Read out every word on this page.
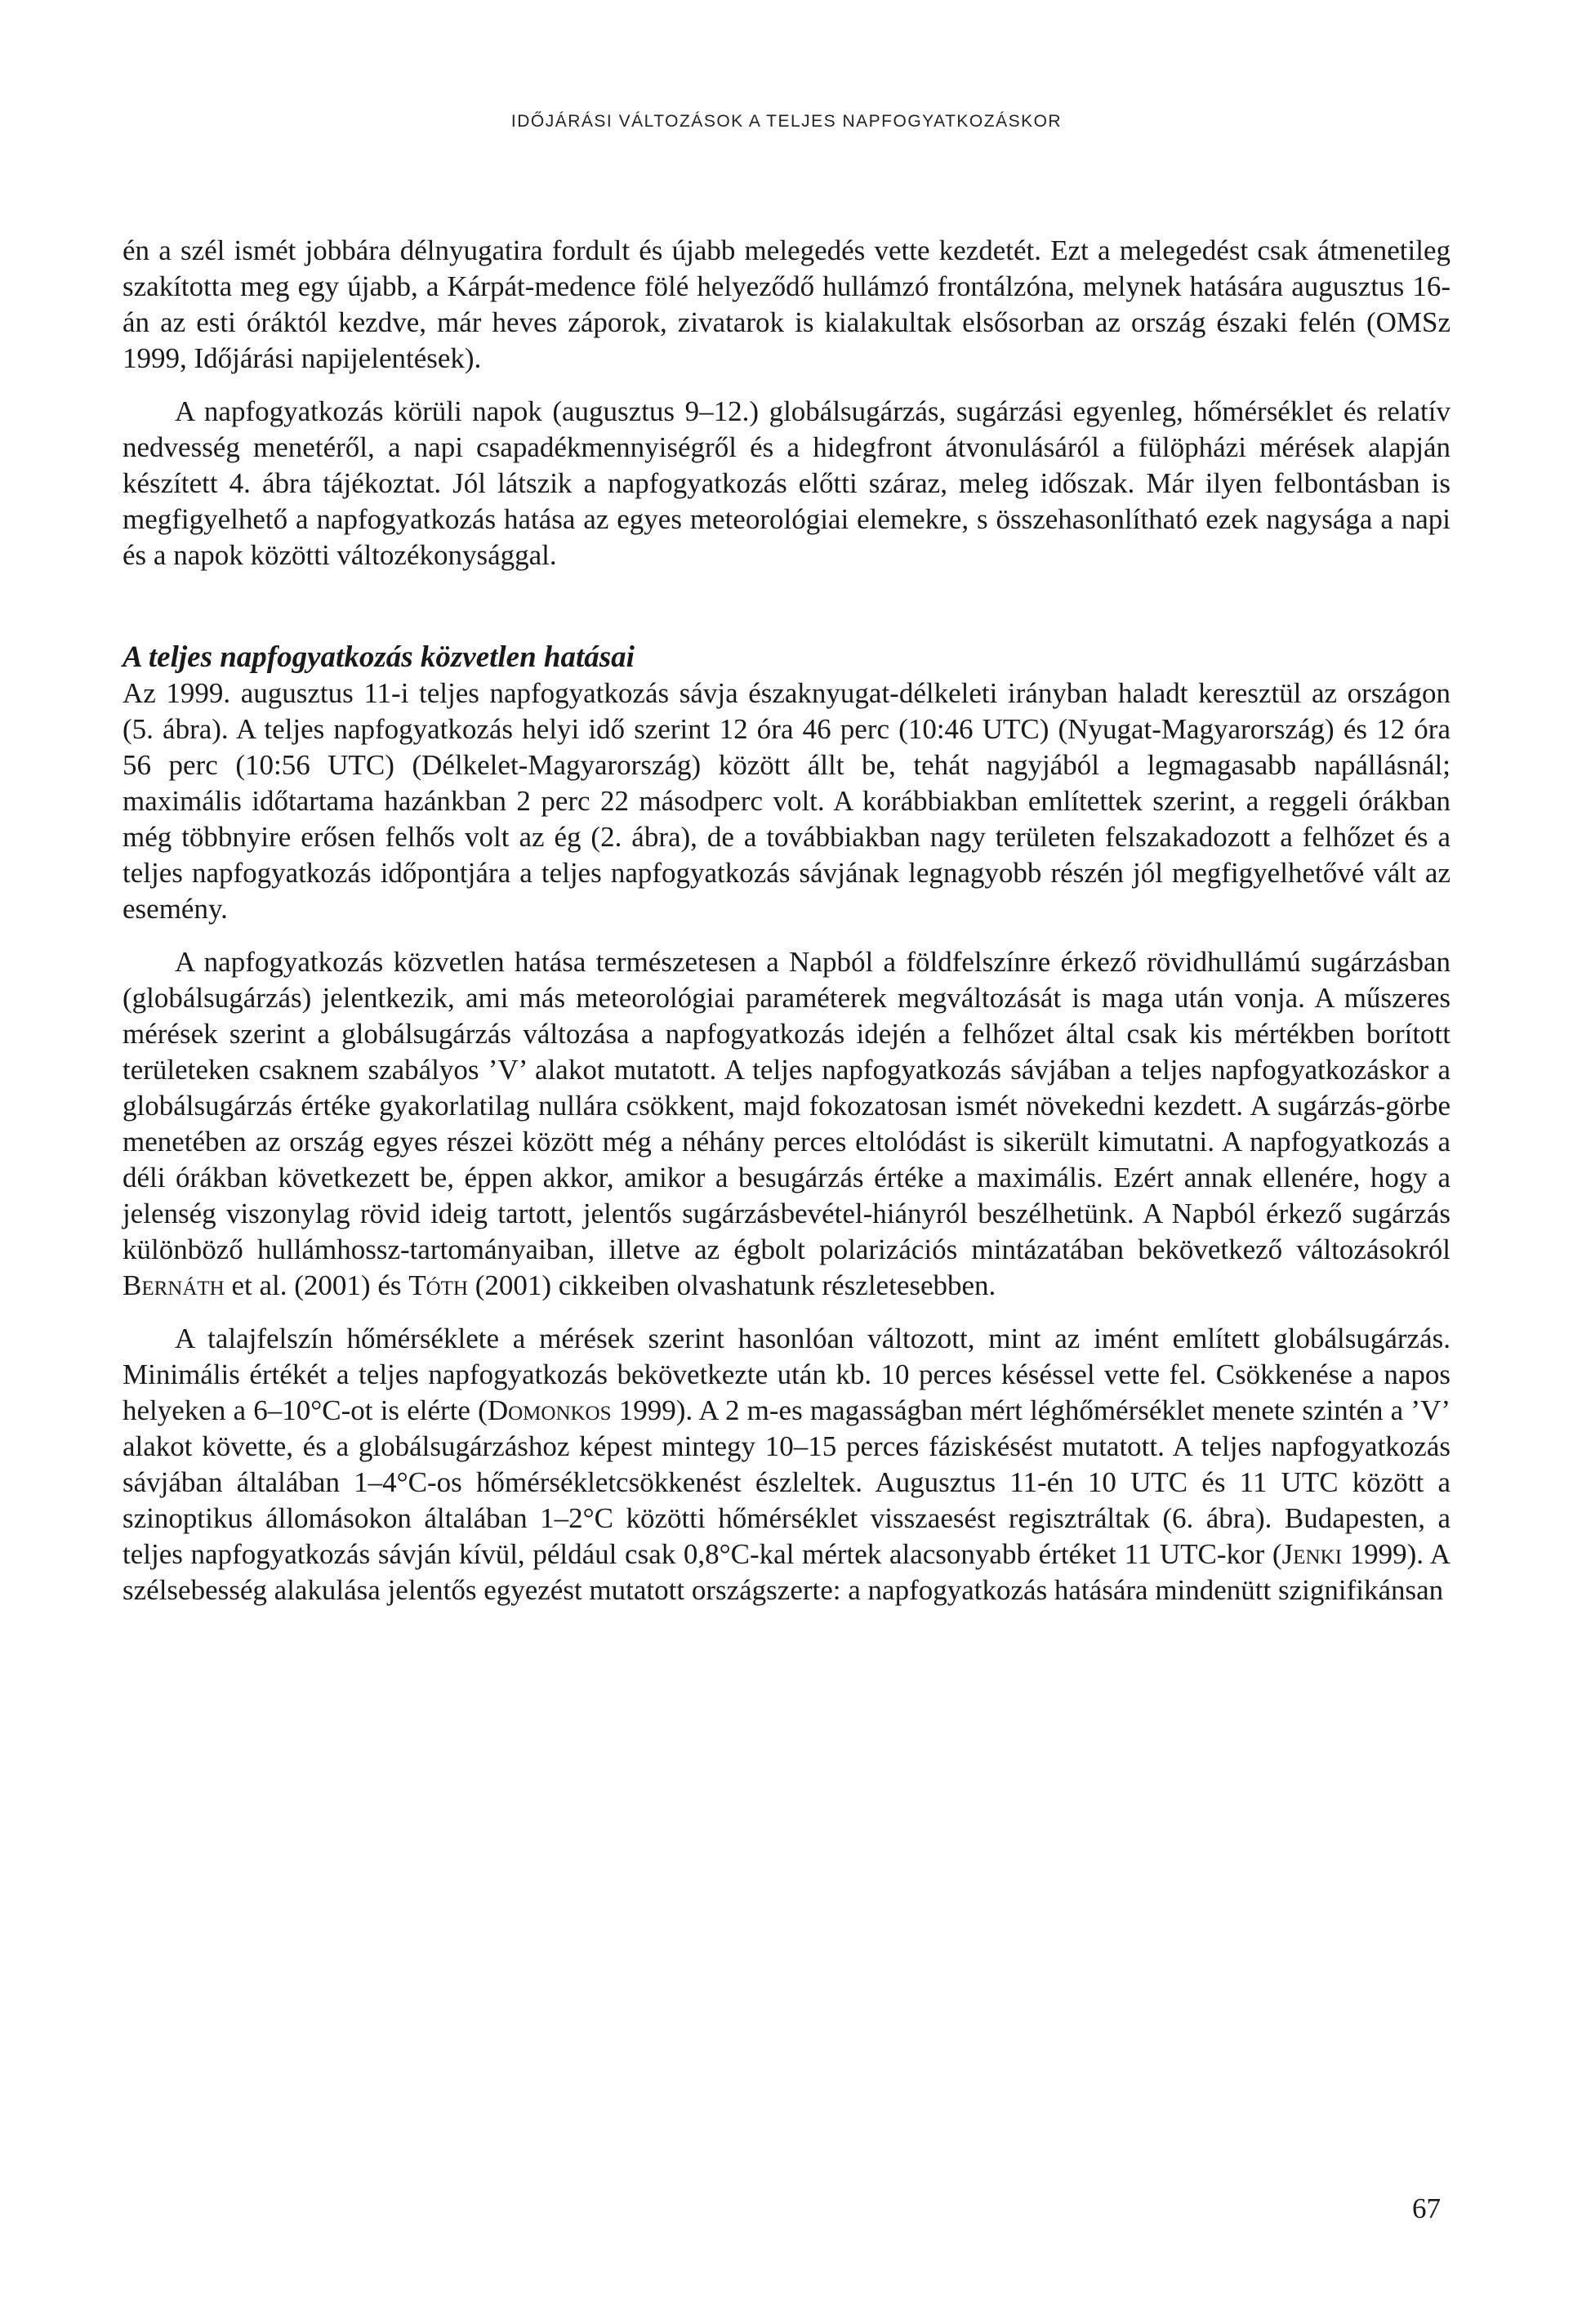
IDŐJÁRÁSI VÁLTOZÁSOK A TELJES NAPFOGYATKOZÁSKOR

én a szél ismét jobbára délnyugatira fordult és újabb melegedés vette kezdetét. Ezt a melegedést csak átmenetileg szakította meg egy újabb, a Kárpát-medence fölé helyeződő hullámzó frontálzóna, melynek hatására augusztus 16-án az esti óráktól kezdve, már heves záporok, zivatarok is kialakultak elsősorban az ország északi felén (OMSz 1999, Időjárási napijelentések).

A napfogyatkozás körüli napok (augusztus 9–12.) globálsugárzás, sugárzási egyenleg, hőmérséklet és relatív nedvesség menetéről, a napi csapadékmennyiségről és a hidegfront átvonulásáról a fülöpházi mérések alapján készített 4. ábra tájékoztat. Jól látszik a napfogyatkozás előtti száraz, meleg időszak. Már ilyen felbontásban is megfigyelhető a napfogyatkozás hatása az egyes meteorológiai elemekre, s összehasonlítható ezek nagysága a napi és a napok közötti változékonysággal.

A teljes napfogyatkozás közvetlen hatásai

Az 1999. augusztus 11-i teljes napfogyatkozás sávja északnyugat-délkeleti irányban haladt keresztül az országon (5. ábra). A teljes napfogyatkozás helyi idő szerint 12 óra 46 perc (10:46 UTC) (Nyugat-Magyarország) és 12 óra 56 perc (10:56 UTC) (Délkelet-Magyarország) között állt be, tehát nagyjából a legmagasabb napállásnál; maximális időtartama hazánkban 2 perc 22 másodperc volt. A korábbiakban említettek szerint, a reggeli órákban még többnyire erősen felhős volt az ég (2. ábra), de a továbbiakban nagy területen felszakadozott a felhőzet és a teljes napfogyatkozás időpontjára a teljes napfogyatkozás sávjának legnagyobb részén jól megfigyelhetővé vált az esemény.

A napfogyatkozás közvetlen hatása természetesen a Napból a földfelszínre érkező rövidhullámú sugárzásban (globálsugárzás) jelentkezik, ami más meteorológiai paraméterek megváltozását is maga után vonja. A műszeres mérések szerint a globálsugárzás változása a napfogyatkozás idején a felhőzet által csak kis mértékben borított területeken csaknem szabályos ’V’ alakot mutatott. A teljes napfogyatkozás sávjában a teljes napfogyatkozáskor a globálsugárzás értéke gyakorlatilag nullára csökkent, majd fokozatosan ismét növekedni kezdett. A sugárzás-görbe menetében az ország egyes részei között még a néhány perces eltolódást is sikerült kimutatni. A napfogyatkozás a déli órákban következett be, éppen akkor, amikor a besugárzás értéke a maximális. Ezért annak ellenére, hogy a jelenség viszonylag rövid ideig tartott, jelentős sugárzásbevétel-hiányról beszélhetünk. A Napból érkező sugárzás különböző hullámhossz-tartományaiban, illetve az égbolt polarizációs mintázatában bekövetkező változásokról Bernáth et al. (2001) és Tóth (2001) cikkeiben olvashatunk részletesebben.

A talajfelszín hőmérséklete a mérések szerint hasonlóan változott, mint az imént említett globálsugárzás. Minimális értékét a teljes napfogyatkozás bekövetkezte után kb. 10 perces késéssel vette fel. Csökkenése a napos helyeken a 6–10°C-ot is elérte (Domonkos 1999). A 2 m-es magasságban mért léghőmérséklet menete szintén a ’V’ alakot követte, és a globálsugárzáshoz képest mintegy 10–15 perces fáziskésést mutatott. A teljes napfogyatkozás sávjában általában 1–4°C-os hőmérsékletcsökkenést észleltek. Augusztus 11-én 10 UTC és 11 UTC között a szinoptikus állomásokon általában 1–2°C közötti hőmérséklet visszaesést regisztráltak (6. ábra). Budapesten, a teljes napfogyatkozás sávján kívül, például csak 0,8°C-kal mértek alacsonyabb értéket 11 UTC-kor (Jenki 1999). A szélsebesség alakulása jelentős egyezést mutatott országszerte: a napfogyatkozás hatására mindenütt szignifikánsan

67
